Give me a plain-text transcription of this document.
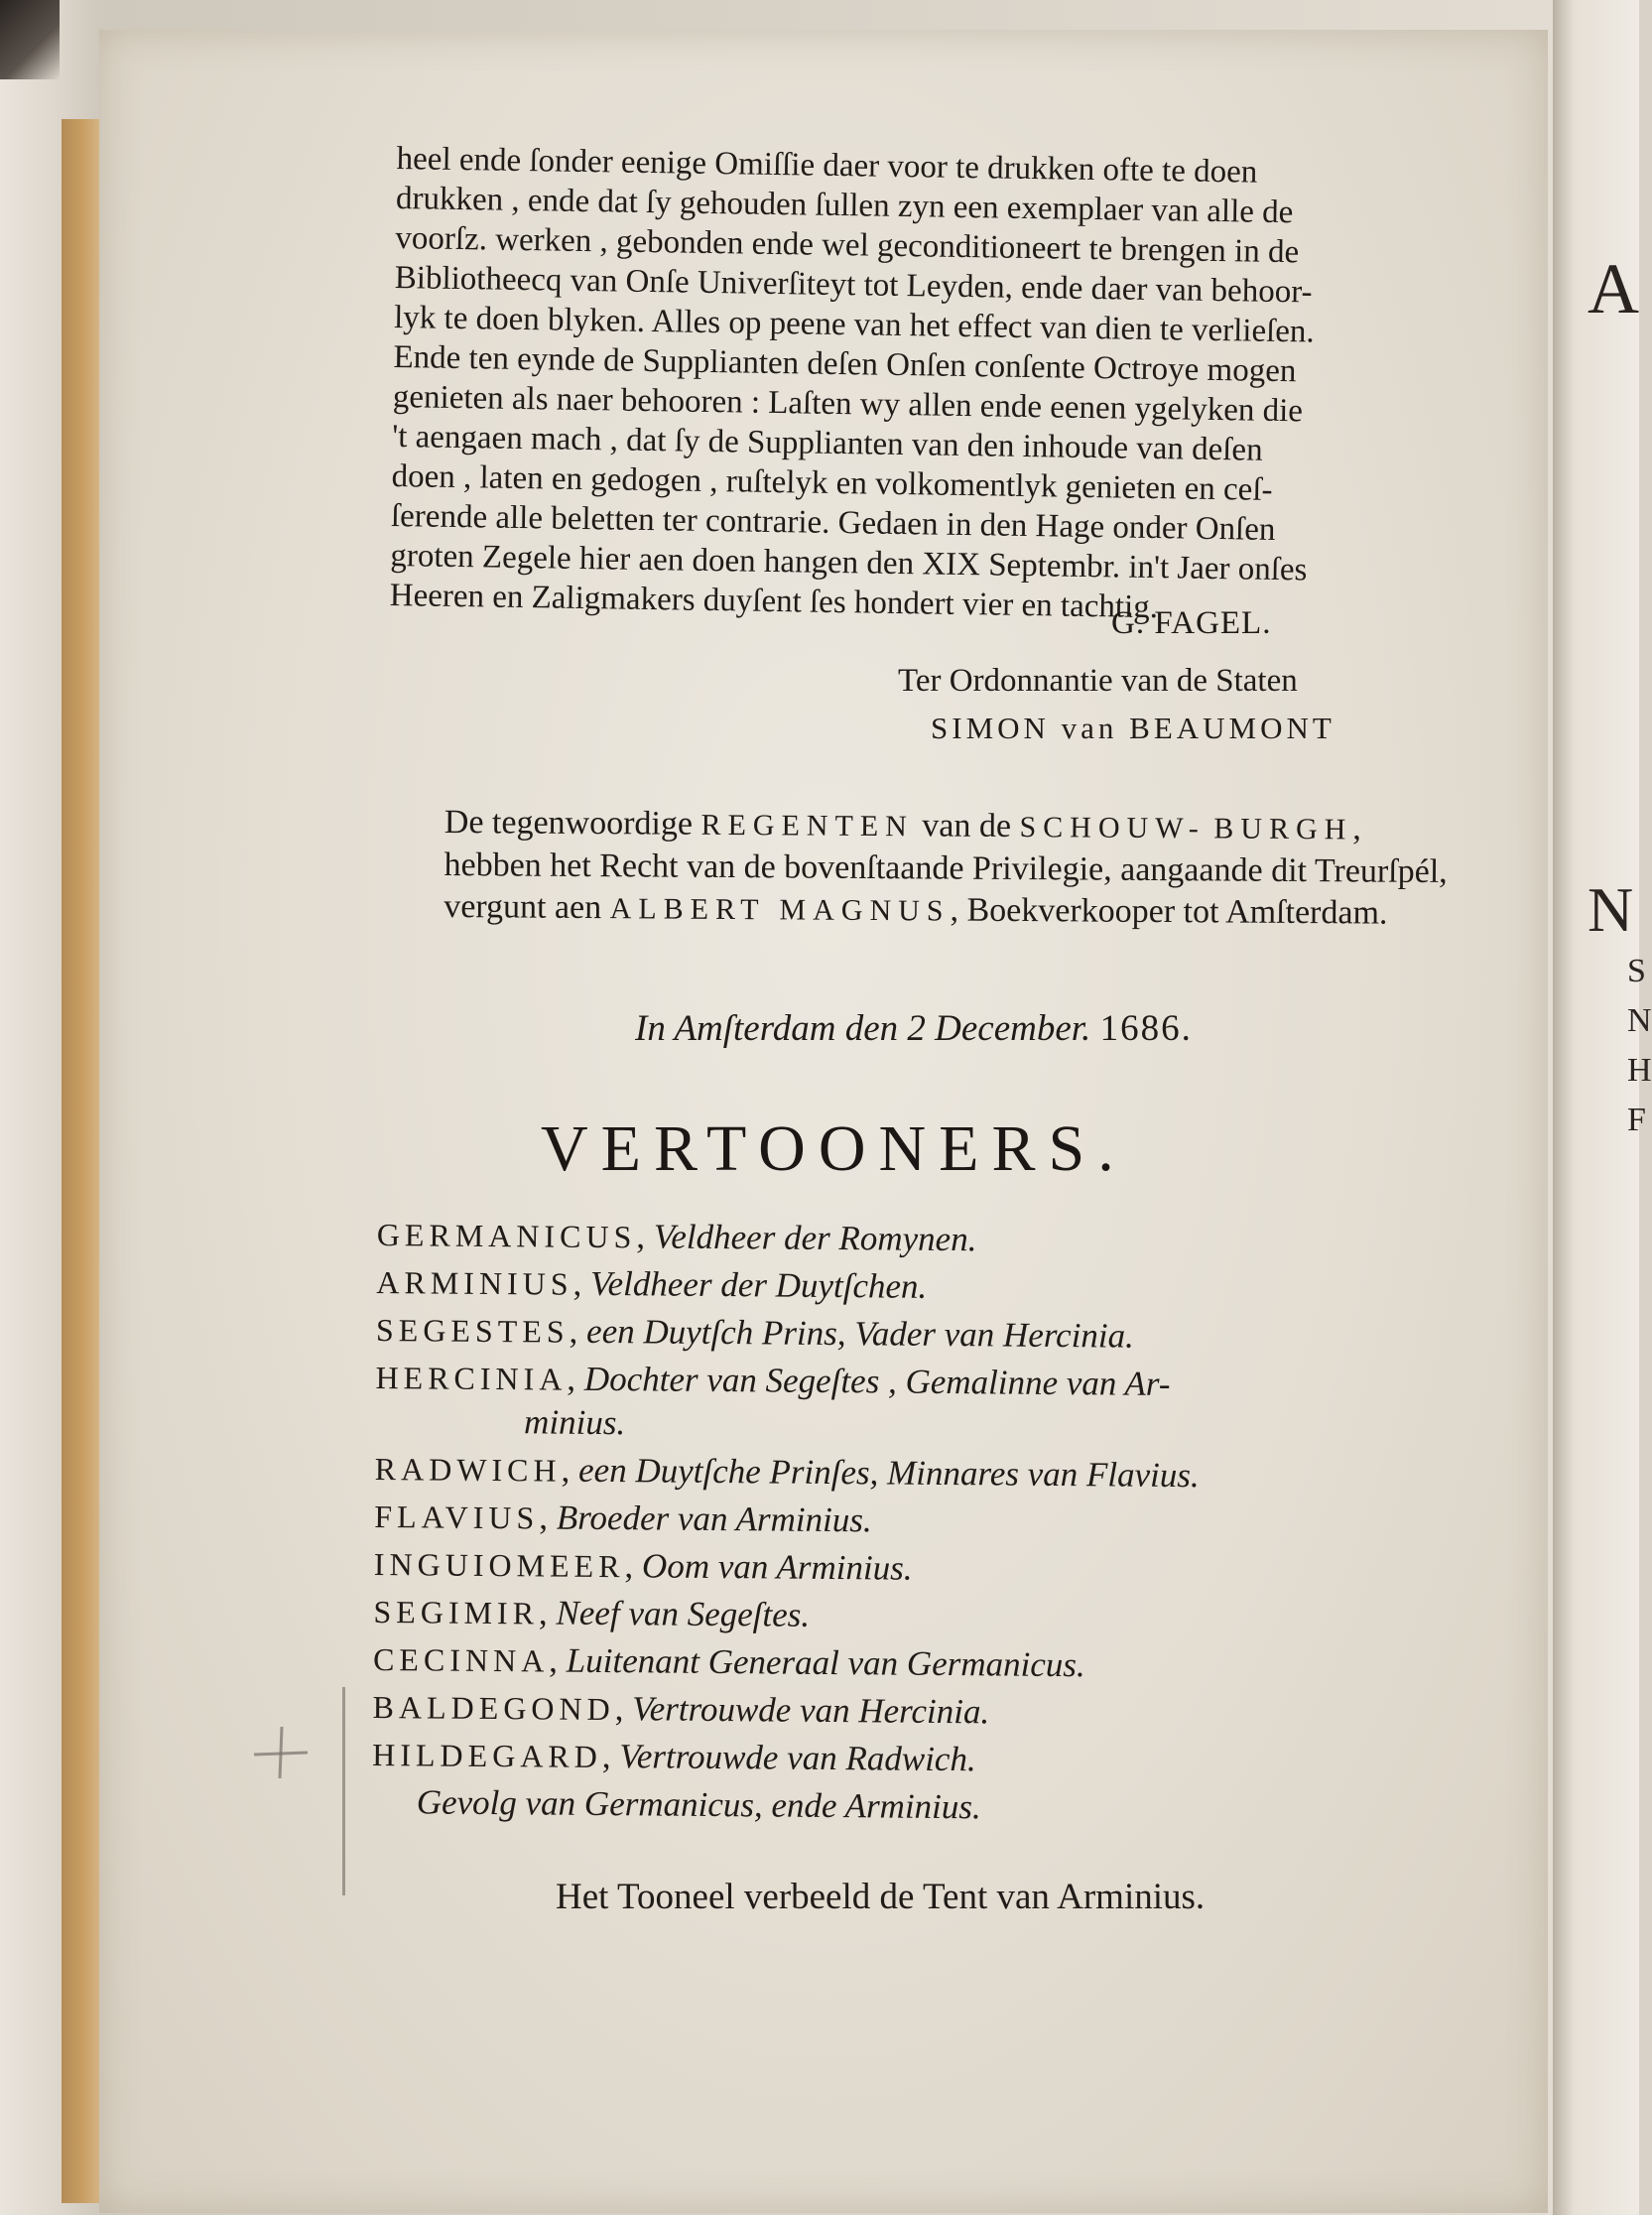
A
N
S
N
H
F

heel ende ſonder eenige Omiſſie daer voor te drukken ofte te doen

drukken , ende dat ſy gehouden ſullen zyn een exemplaer van alle de

voorſz. werken , gebonden ende wel geconditioneert te brengen in de

Bibliotheecq van Onſe Univerſiteyt tot Leyden, ende daer van behoor-

lyk te doen blyken. Alles op peene van het effect van dien te verlieſen.

Ende ten eynde de Supplianten deſen Onſen conſente Octroye mogen

genieten als naer behooren : Laſten wy allen ende eenen ygelyken die

't aengaen mach , dat ſy de Supplianten van den inhoude van deſen

doen , laten en gedogen , ruſtelyk en volkomentlyk genieten en ceſ-

ſerende alle beletten ter contrarie. Gedaen in den Hage onder Onſen

groten Zegele hier aen doen hangen den XIX Septembr. in't Jaer onſes

Heeren en Zaligmakers duyſent ſes hondert vier en tachtig.

G. FAGEL.
Ter Ordonnantie van de Staten
SIMON van BEAUMONT
De tegenwoordige REGENTEN van de SCHOUW- BURGH, hebben het Recht van de bovenſtaande Privilegie, aangaande dit Treurſpél, vergunt aen ALBERT MAGNUS, Boekverkooper tot Amſterdam.
In Amſterdam den 2 December. 1686.
VERTOONERS.
GERMANICUS, Veldheer der Romynen.
ARMINIUS, Veldheer der Duytſchen.
SEGESTES, een Duytſch Prins, Vader van Hercinia.
HERCINIA, Dochter van Segeſtes , Gemalinne van Ar-
minius.
RADWICH, een Duytſche Prinſes, Minnares van Flavius.
FLAVIUS, Broeder van Arminius.
INGUIOMEER, Oom van Arminius.
SEGIMIR, Neef van Segeſtes.
CECINNA, Luitenant Generaal van Germanicus.
BALDEGOND, Vertrouwde van Hercinia.
HILDEGARD, Vertrouwde van Radwich.
Gevolg van Germanicus, ende Arminius.
Het Tooneel verbeeld de Tent van Arminius.
